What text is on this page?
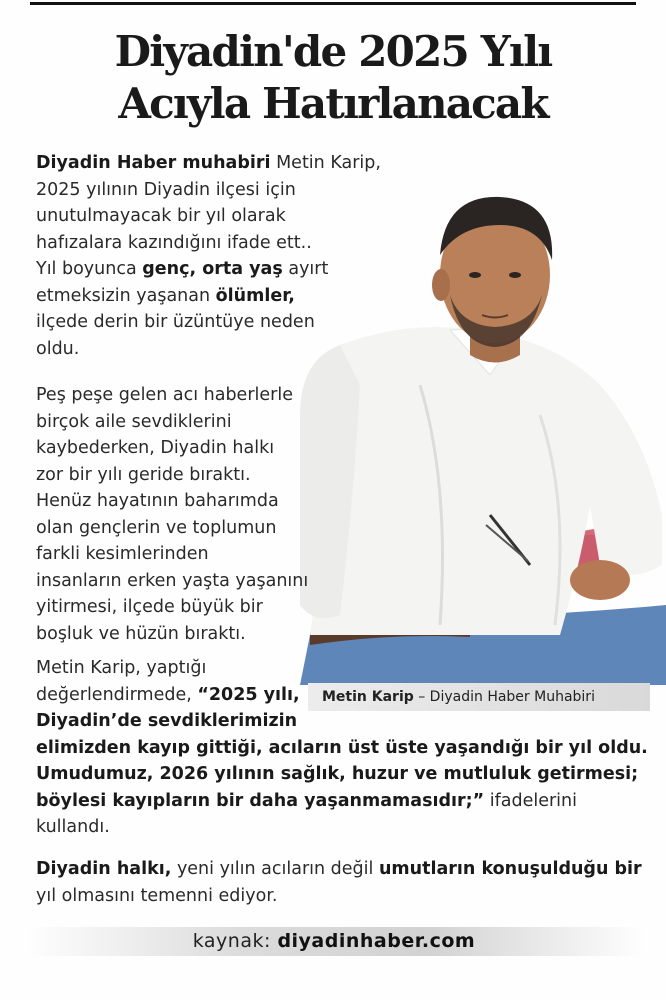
Diyadin'de 2025 Yılı
Acıyla Hatırlanacak
Metin Karip – Diyadin Haber Muhabiri
Diyadin Haber muhabiri Metin Karip,
2025 yılının Diyadin ilçesi için
unutulmayacak bir yıl olarak
hafızalara kazındığını ifade ett..
Yıl boyunca genç, orta yaş ayırt
etmeksizin yaşanan ölümler,
ilçede derin bir üzüntüye neden
oldu.
Peş peşe gelen acı haberlerle
birçok aile sevdiklerini
kaybederken, Diyadin halkı
zor bir yılı geride bıraktı.
Henüz hayatının baharımda
olan gençlerin ve toplumun
farkli kesimlerinden
insanların erken yaşta yaşanını
yitirmesi, ilçede büyük bir
boşluk ve hüzün bıraktı.
Metin Karip, yaptığı
değerlendirmede, “2025 yılı,
Diyadin’de sevdiklerimizin
elimizden kayıp gittiği, acıların üst üste yaşandığı bir yıl oldu.
Umudumuz, 2026 yılının sağlık, huzur ve mutluluk getirmesi;
böylesi kayıpların bir daha yaşanmamasıdır;” ifadelerini
kullandı.
Diyadin halkı, yeni yılın acıların değil umutların konuşulduğu bir
yıl olmasını temenni ediyor.
kaynak: diyadinhaber.com
